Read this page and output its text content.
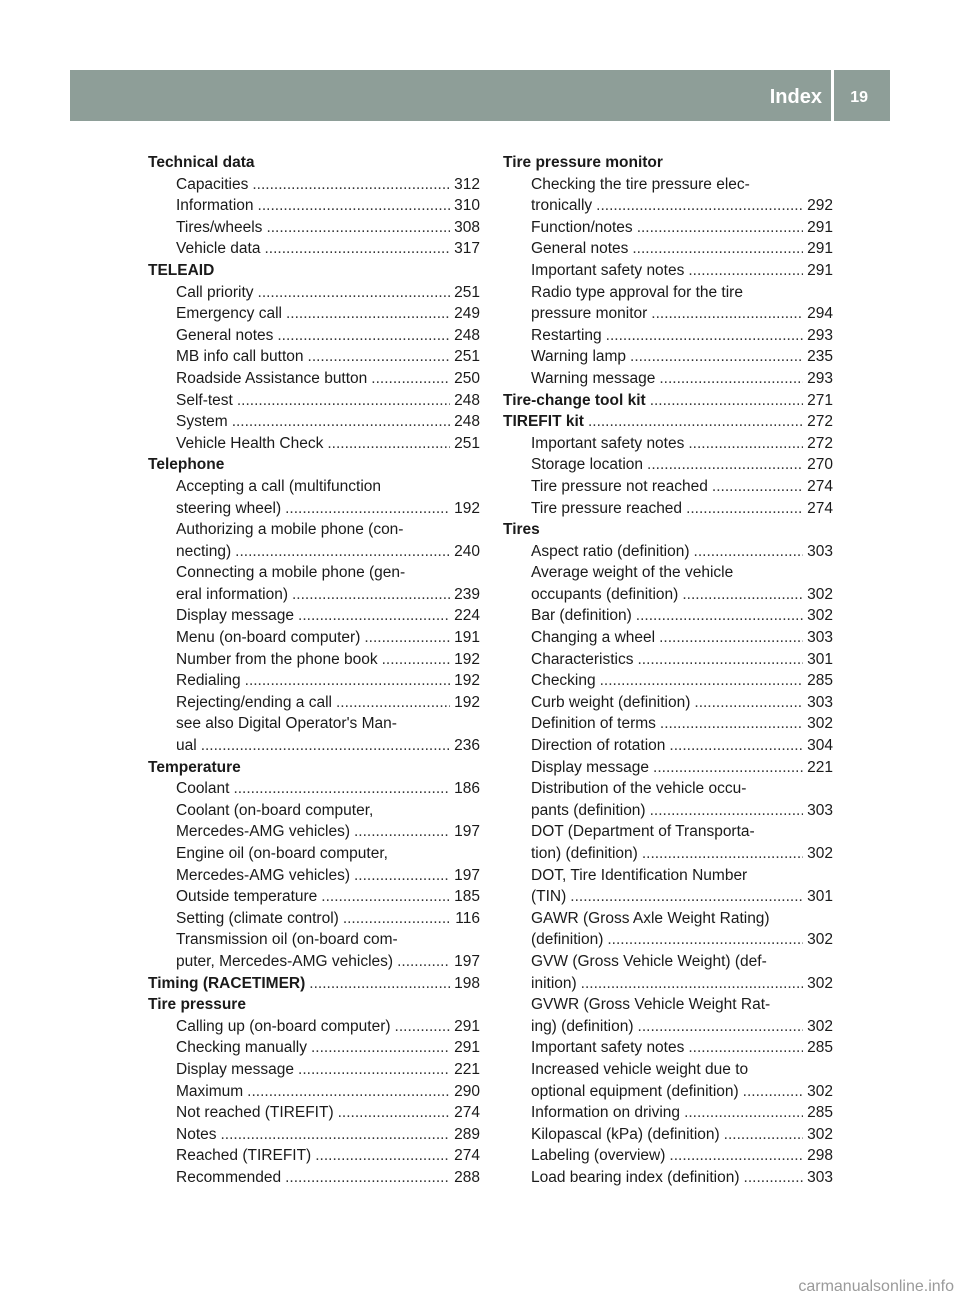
Index 19
Technical data
Capacities .....	312
Information .....	310
Tires/wheels .....	308
Vehicle data .....	317
TELEAID
Call priority .....	251
Emergency call .....	249
General notes .....	248
MB info call button .....	251
Roadside Assistance button .....	250
Self-test .....	248
System .....	248
Vehicle Health Check .....	251
Telephone
Accepting a call (multifunction
steering wheel) .....	192
Authorizing a mobile phone (con-
necting) .....	240
Connecting a mobile phone (gen-
eral information) .....	239
Display message .....	224
Menu (on-board computer) .....	191
Number from the phone book .....	192
Redialing .....	192
Rejecting/ending a call .....	192
see also Digital Operator's Man-
ual .....	236
Temperature
Coolant .....	186
Coolant (on-board computer,
Mercedes-AMG vehicles) .....	197
Engine oil (on-board computer,
Mercedes-AMG vehicles) .....	197
Outside temperature .....	185
Setting (climate control) .....	116
Transmission oil (on-board com-
puter, Mercedes-AMG vehicles) .....	197
Timing (RACETIMER) .....	198
Tire pressure
Calling up (on-board computer) .....	291
Checking manually .....	291
Display message .....	221
Maximum .....	290
Not reached (TIREFIT) .....	274
Notes .....	289
Reached (TIREFIT) .....	274
Recommended .....	288
Tire pressure monitor
Checking the tire pressure elec-
tronically .....	292
Function/notes .....	291
General notes .....	291
Important safety notes .....	291
Radio type approval for the tire
pressure monitor .....	294
Restarting .....	293
Warning lamp .....	235
Warning message .....	293
Tire-change tool kit .....	271
TIREFIT kit .....	272
Important safety notes .....	272
Storage location .....	270
Tire pressure not reached .....	274
Tire pressure reached .....	274
Tires
Aspect ratio (definition) .....	303
Average weight of the vehicle
occupants (definition) .....	302
Bar (definition) .....	302
Changing a wheel .....	303
Characteristics .....	301
Checking .....	285
Curb weight (definition) .....	303
Definition of terms .....	302
Direction of rotation .....	304
Display message .....	221
Distribution of the vehicle occu-
pants (definition) .....	303
DOT (Department of Transporta-
tion) (definition) .....	302
DOT, Tire Identification Number
(TIN) .....	301
GAWR (Gross Axle Weight Rating)
(definition) .....	302
GVW (Gross Vehicle Weight) (def-
inition) .....	302
GVWR (Gross Vehicle Weight Rat-
ing) (definition) .....	302
Important safety notes .....	285
Increased vehicle weight due to
optional equipment (definition) .....	302
Information on driving .....	285
Kilopascal (kPa) (definition) .....	302
Labeling (overview) .....	298
Load bearing index (definition) .....	303
carmanualsonline.info
